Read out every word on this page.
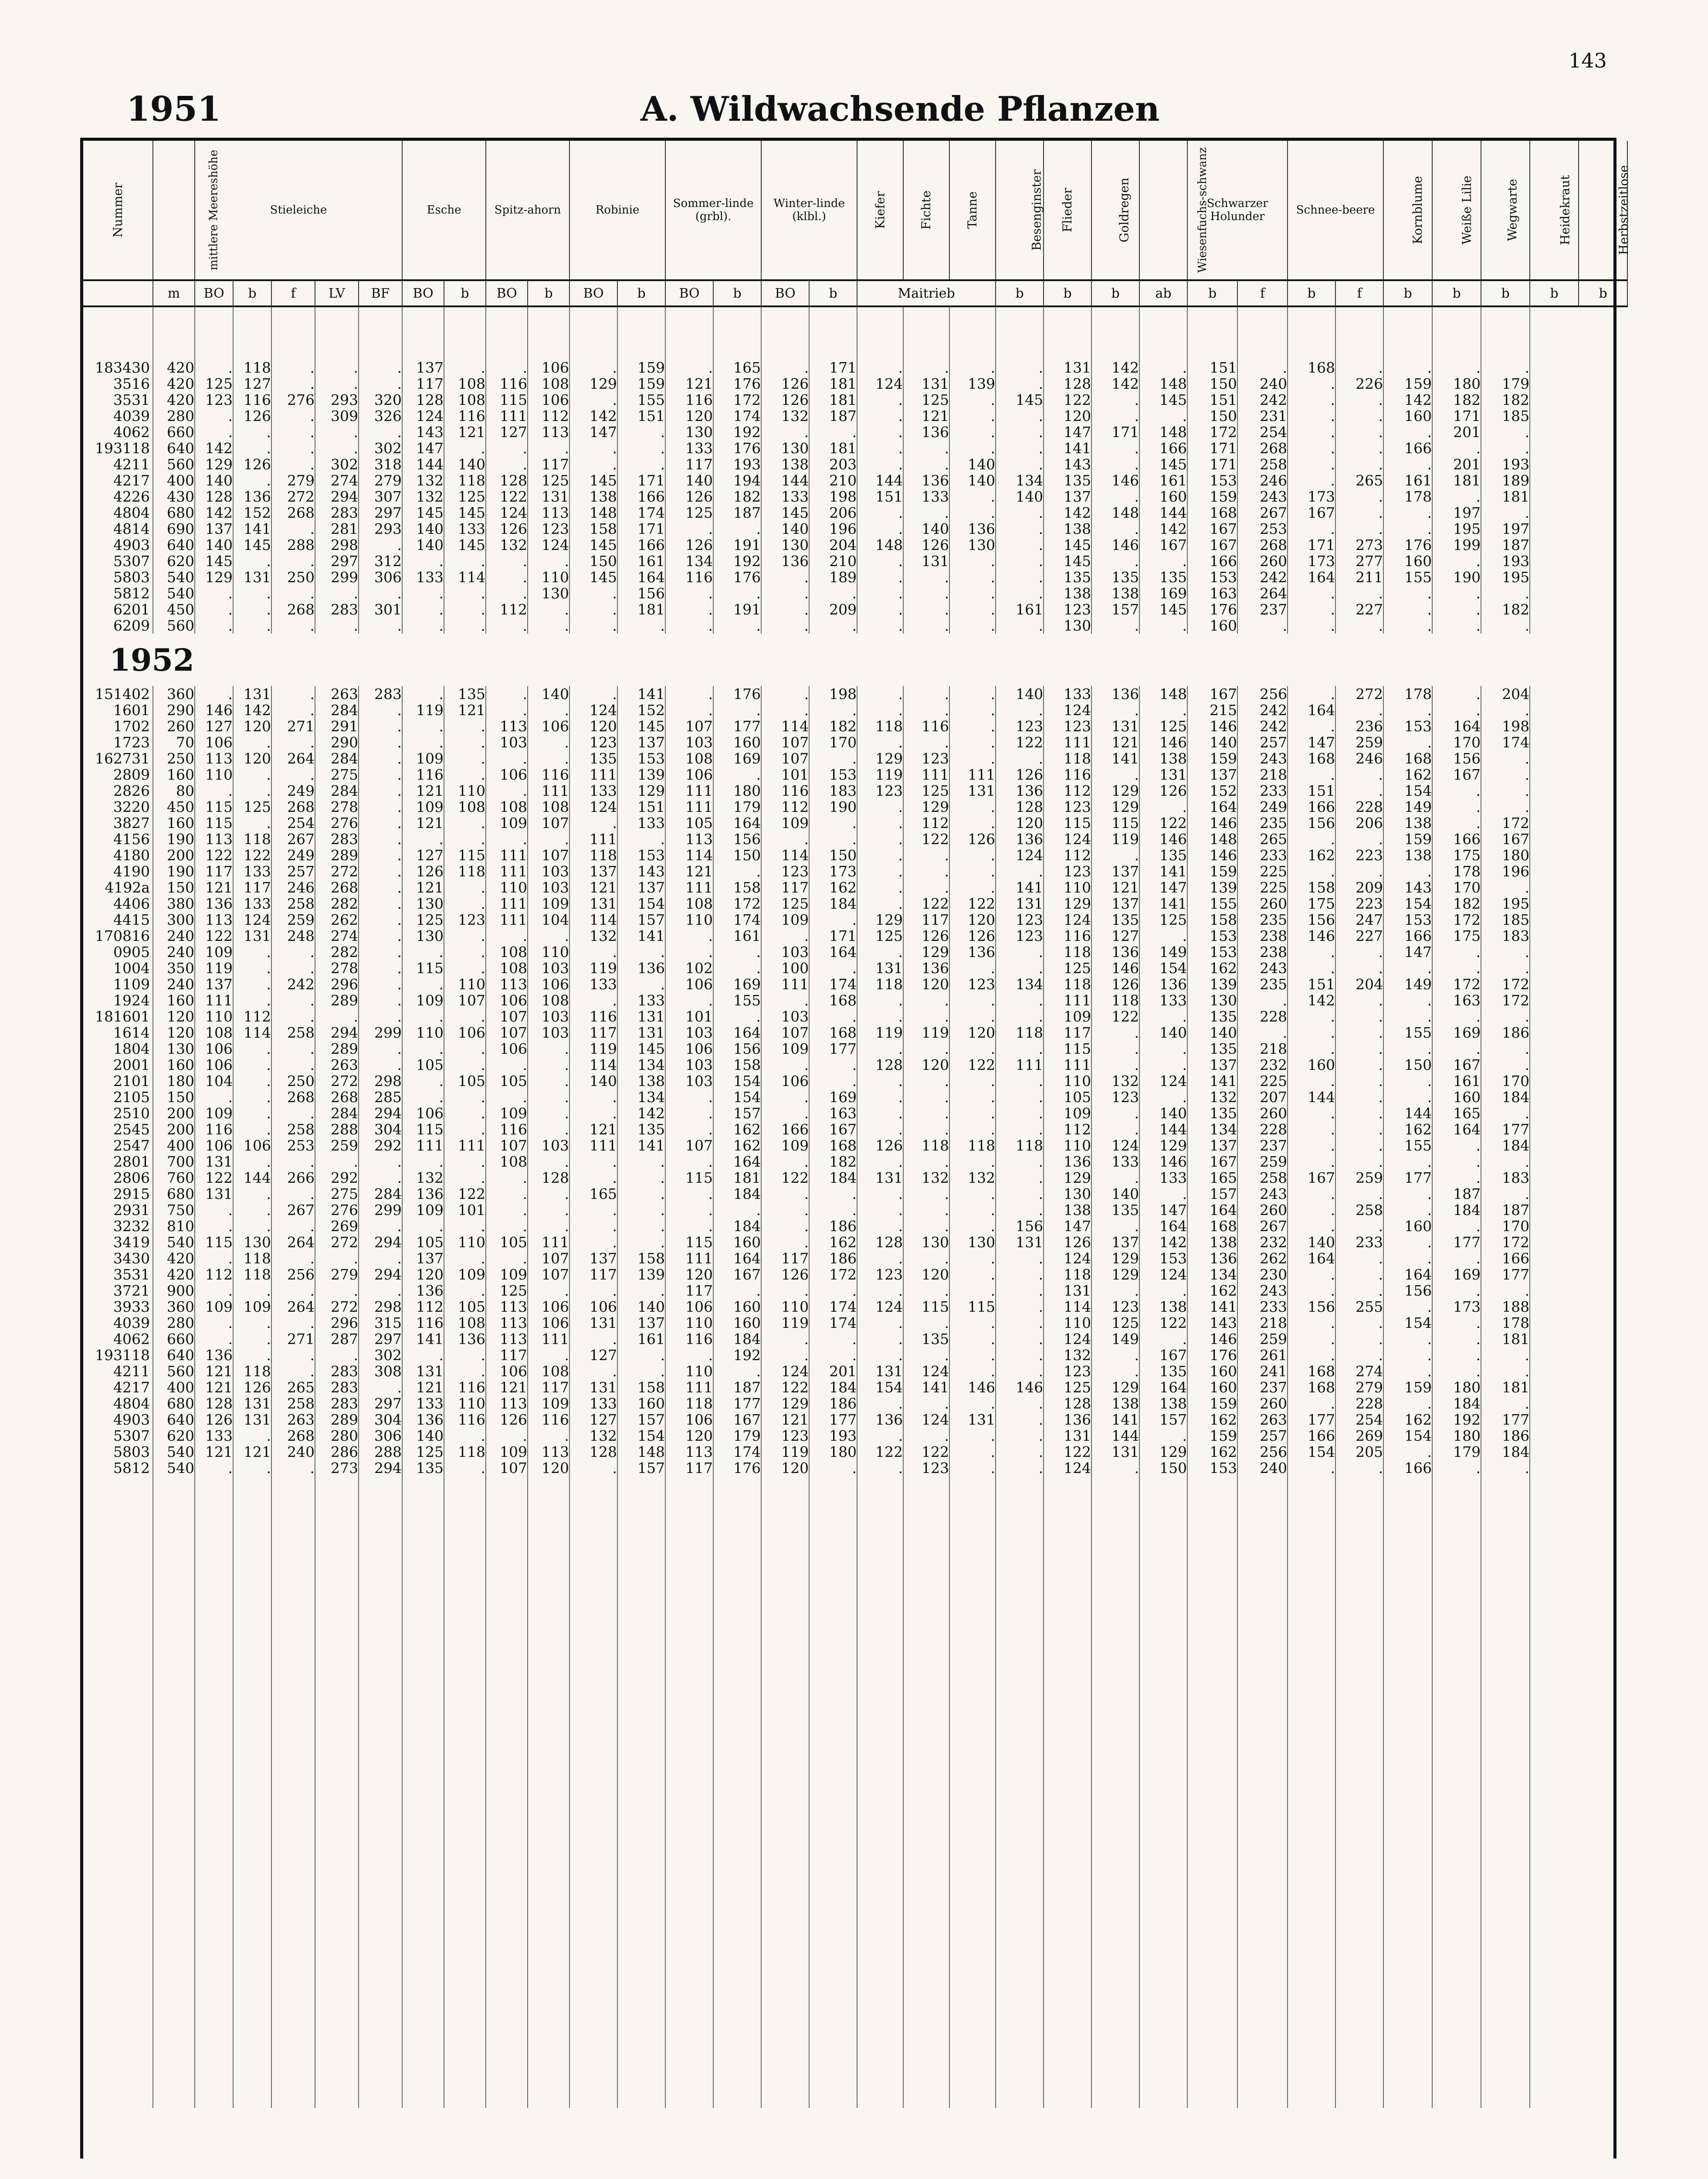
143
1951	A. Wildwachsende Pflanzen
Nummer	mittlere Meereshöhe	Stieleiche					Esche		Spitz-ahorn		Robinie		Sommer-linde (grbl).		Winter-linde (klbl.)		Kiefer	Fichte	Tanne	Besenginster	Flieder	Goldregen	Wiesenfuchs-schwanz	Schwarzer Holunder		Schnee-beere		Kornblume	Weiße Lilie	Wegwarte	Heidekraut	Herbstzeitlose
	m	BO	b	f	LV	BF	BO	b	BO	b	BO	b	BO	b	BO	b	Maitrieb			b	b	b	ab	b	f	b	f	b	b	b	b	b

183430	420	.	118	.	.	.	137	.	.	106	.	159	.	165	.	171	.	.	.	.	131	142	.	151	.	168	.	.	.	.		
3516	420	125	127	.	.	.	117	108	116	108	129	159	121	176	126	181	124	131	139	.	128	142	148	150	240	.	226	159	180	179		
3531	420	123	116	276	293	320	128	108	115	106	.	155	116	172	126	181	.	125	.	145	122	.	145	151	242	.	.	142	182	182		
4039	280	.	126	.	309	326	124	116	111	112	142	151	120	174	132	187	.	121	.	.	120	.	.	150	231	.	.	160	171	185		
4062	660	.	.	.	.	.	143	121	127	113	147	.	130	192	.	.	.	136	.	.	147	171	148	172	254	.	.	.	201	.		
193118	640	142	.	.	.	302	147	.	.	.	.	.	133	176	130	181	.	.	.	.	141	.	166	171	268	.	.	166	.	.		
4211	560	129	126	.	302	318	144	140	.	117	.	.	117	193	138	203	.	.	140	.	143	.	145	171	258	.	.	.	201	193		
4217	400	140	.	279	274	279	132	118	128	125	145	171	140	194	144	210	144	136	140	134	135	146	161	153	246	.	265	161	181	189		
4226	430	128	136	272	294	307	132	125	122	131	138	166	126	182	133	198	151	133	.	140	137	.	160	159	243	173	.	178	.	181		
4804	680	142	152	268	283	297	145	145	124	113	148	174	125	187	145	206	.	.	.	.	142	148	144	168	267	167	.	.	197	.		
4814	690	137	141	.	281	293	140	133	126	123	158	171	.	.	140	196	.	140	136	.	138	.	142	167	253	.	.	.	195	197		
4903	640	140	145	288	298	.	140	145	132	124	145	166	126	191	130	204	148	126	130	.	145	146	167	167	268	171	273	176	199	187		
5307	620	145	.	.	297	312	.	.	.	.	150	161	134	192	136	210	.	131	.	.	145	.	.	166	260	173	277	160	.	193		
5803	540	129	131	250	299	306	133	114	.	110	145	164	116	176	.	189	.	.	.	.	135	135	135	153	242	164	211	155	190	195		
5812	540	.	.	.	.	.	.	.	.	130	.	156	.	.	.	.	.	.	.	.	138	138	169	163	264	.	.	.	.	.		
6201	450	.	.	268	283	301	.	.	112	.	.	181	.	191	.	209	.	.	.	161	123	157	145	176	237	.	227	.	.	182		
6209	560	.	.	.	.	.	.	.	.	.	.	.	.	.	.	.	.	.	.	.	130	.	.	160	.	.	.	.	.	.		
1952																																
151402	360	.	131	.	263	283	.	135	.	140	.	141	.	176	.	198	.	.	.	140	133	136	148	167	256	.	272	178	.	204		
1601	290	146	142	.	284	.	119	121	.	.	124	152	.	.	.	.	.	.	.	.	124	.	.	215	242	164	.	.	.	.		
1702	260	127	120	271	291	.	.	.	113	106	120	145	107	177	114	182	118	116	.	123	123	131	125	146	242	.	236	153	164	198		
1723	70	106	.	.	290	.	.	.	103	.	123	137	103	160	107	170	.	.	.	122	111	121	146	140	257	147	259	.	170	174		
162731	250	113	120	264	284	.	109	.	.	.	135	153	108	169	107	.	129	123	.	.	118	141	138	159	243	168	246	168	156	.		
2809	160	110	.	.	275	.	116	.	106	116	111	139	106	.	101	153	119	111	111	126	116	.	131	137	218	.	.	162	167	.		
2826	80	.	.	249	284	.	121	110	.	111	133	129	111	180	116	183	123	125	131	136	112	129	126	152	233	151	.	154	.	.		
3220	450	115	125	268	278	.	109	108	108	108	124	151	111	179	112	190	.	129	.	128	123	129	.	164	249	166	228	149	.	.		
3827	160	115	.	254	276	.	121	.	109	107	.	133	105	164	109	.	.	112	.	120	115	115	122	146	235	156	206	138	.	172		
4156	190	113	118	267	283	.	.	.	.	.	111	.	113	156	.	.	.	122	126	136	124	119	146	148	265	.	.	159	166	167		
4180	200	122	122	249	289	.	127	115	111	107	118	153	114	150	114	150	.	.	.	124	112	.	135	146	233	162	223	138	175	180		
4190	190	117	133	257	272	.	126	118	111	103	137	143	121	.	123	173	.	.	.	.	123	137	141	159	225	.	.	.	178	196		
4192a	150	121	117	246	268	.	121	.	110	103	121	137	111	158	117	162	.	.	.	141	110	121	147	139	225	158	209	143	170	.		
4406	380	136	133	258	282	.	130	.	111	109	131	154	108	172	125	184	.	122	122	131	129	137	141	155	260	175	223	154	182	195		
4415	300	113	124	259	262	.	125	123	111	104	114	157	110	174	109	.	129	117	120	123	124	135	125	158	235	156	247	153	172	185		
170816	240	122	131	248	274	.	130	.	.	.	132	141	.	161	.	171	125	126	126	123	116	127	.	153	238	146	227	166	175	183		
0905	240	109	.	.	282	.	.	.	108	110	.	.	.	.	103	164	.	129	136	.	118	136	149	153	238	.	.	147	.	.		
1004	350	119	.	.	278	.	115	.	108	103	119	136	102	.	100	.	131	136	.	.	125	146	154	162	243	.	.	.	.	.		
1109	240	137	.	242	296	.	.	110	113	106	133	.	106	169	111	174	118	120	123	134	118	126	136	139	235	151	204	149	172	172		
1924	160	111	.	.	289	.	109	107	106	108	.	133	.	155	.	168	.	.	.	.	111	118	133	130	.	142	.	.	163	172		
181601	120	110	112	.	.	.	.	.	107	103	116	131	101	.	103	.	.	.	.	.	109	122	.	135	228	.	.	.	.	.		
1614	120	108	114	258	294	299	110	106	107	103	117	131	103	164	107	168	119	119	120	118	117	.	140	140	.	.	.	155	169	186		
1804	130	106	.	.	289	.	.	.	106	.	119	145	106	156	109	177	.	.	.	.	115	.	.	135	218	.	.	.	.	.		
2001	160	106	.	.	263	.	105	.	.	.	114	134	103	158	.	.	128	120	122	111	111	.	.	137	232	160	.	150	167	.		
2101	180	104	.	250	272	298	.	105	105	.	140	138	103	154	106	.	.	.	.	.	110	132	124	141	225	.	.	.	161	170		
2105	150	.	.	268	268	285	.	.	.	.	.	134	.	154	.	169	.	.	.	.	105	123	.	132	207	144	.	.	160	184		
2510	200	109	.	.	284	294	106	.	109	.	.	142	.	157	.	163	.	.	.	.	109	.	140	135	260	.	.	144	165	.		
2545	200	116	.	258	288	304	115	.	116	.	121	135	.	162	166	167	.	.	.	.	112	.	144	134	228	.	.	162	164	177		
2547	400	106	106	253	259	292	111	111	107	103	111	141	107	162	109	168	126	118	118	118	110	124	129	137	237	.	.	155	.	184		
2801	700	131	.	.	.	.	.	.	108	.	.	.	.	164	.	182	.	.	.	.	136	133	146	167	259	.	.	.	.	.		
2806	760	122	144	266	292	.	132	.	.	128	.	.	115	181	122	184	131	132	132	.	129	.	133	165	258	167	259	177	.	183		
2915	680	131	.	.	275	284	136	122	.	.	165	.	.	184	.	.	.	.	.	.	130	140	.	157	243	.	.	.	187	.		
2931	750	.	.	267	276	299	109	101	.	.	.	.	.	.	.	.	.	.	.	.	138	135	147	164	260	.	258	.	184	187		
3232	810	.	.	.	269	.	.	.	.	.	.	.	.	184	.	186	.	.	.	156	147	.	164	168	267	.	.	160	.	170		
3419	540	115	130	264	272	294	105	110	105	111	.	.	115	160	.	162	128	130	130	131	126	137	142	138	232	140	233	.	177	172		
3430	420	.	118	.	.	.	137	.	.	107	137	158	111	164	117	186	.	.	.	.	124	129	153	136	262	164	.	.	.	166		
3531	420	112	118	256	279	294	120	109	109	107	117	139	120	167	126	172	123	120	.	.	118	129	124	134	230	.	.	164	169	177		
3721	900	.	.	.	.	.	136	.	125	.	.	.	117	.	.	.	.	.	.	.	131	.	.	162	243	.	.	156	.	.		
3933	360	109	109	264	272	298	112	105	113	106	106	140	106	160	110	174	124	115	115	.	114	123	138	141	233	156	255	.	173	188		
4039	280	.	.	.	296	315	116	108	113	106	131	137	110	160	119	174	.	.	.	.	110	125	122	143	218	.	.	154	.	178		
4062	660	.	.	271	287	297	141	136	113	111	.	161	116	184	.	.	.	135	.	.	124	149	.	146	259	.	.	.	.	181		
193118	640	136	.	.	.	302	.	.	117	.	127	.	.	192	.	.	.	.	.	.	132	.	167	176	261	.	.	.	.	.		
4211	560	121	118	.	283	308	131	.	106	108	.	.	110	.	124	201	131	124	.	.	123	.	135	160	241	168	274	.	.	.		
4217	400	121	126	265	283	.	121	116	121	117	131	158	111	187	122	184	154	141	146	146	125	129	164	160	237	168	279	159	180	181		
4804	680	128	131	258	283	297	133	110	113	109	133	160	118	177	129	186	.	.	.	.	128	138	138	159	260	.	228	.	184	.		
4903	640	126	131	263	289	304	136	116	126	116	127	157	106	167	121	177	136	124	131	.	136	141	157	162	263	177	254	162	192	177		
5307	620	133	.	268	280	306	140	.	.	.	132	154	120	179	123	193	.	.	.	.	131	144	.	159	257	166	269	154	180	186		
5803	540	121	121	240	286	288	125	118	109	113	128	148	113	174	119	180	122	122	.	.	122	131	129	162	256	154	205	.	179	184		
5812	540	.	.	.	273	294	135	.	107	120	.	157	117	176	120	.	.	123	.	.	124	.	150	153	240	.	.	166	.	.		
